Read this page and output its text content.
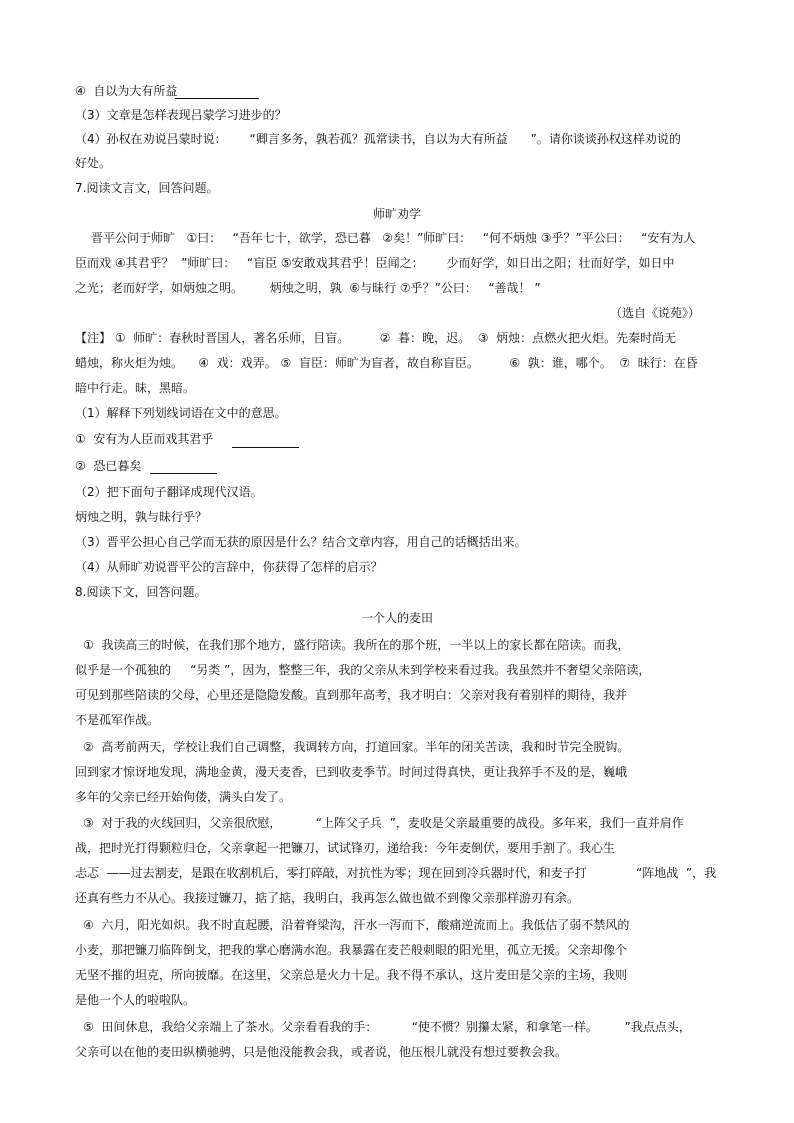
④  自以为大有所益
（3）文章是怎样表现吕蒙学习进步的？
（4）孙权在劝说吕蒙时说：      “卿言多务，孰若孤？孤常读书，自以为大有所益      ”。请你谈谈孙权这样劝说的
好处。
7.阅读文言文，回答问题。
师旷劝学
晋平公问于师旷   ①曰：   “吾年七十，欲学，恐已暮   ②矣！”师旷曰：   “何不炳烛 ③乎？”平公曰：   “安有为人
臣而戏 ④其君乎？  ”师旷曰：   “盲臣 ⑤安敢戏其君乎！臣闻之：      少而好学，如日出之阳；壮而好学，如日中
之光；老而好学，如炳烛之明。       炳烛之明，孰  ⑥与昧行 ⑦乎？”公曰：   “善哉！ ”
（选自《说苑》）
【注】 ①  师旷：春秋时晋国人，著名乐师，目盲。        ②  暮：晚，迟。  ③  炳烛：点燃火把火炬。先秦时尚无
蜡烛，称火炬为烛。    ④  戏：戏弄。 ⑤  盲臣：师旷为盲者，故自称盲臣。        ⑥  孰：谁，哪个。  ⑦  昧行：在昏
暗中行走。昧，黑暗。
（1）解释下列划线词语在文中的意思。
①  安有为人臣而戏其君乎
②  恐已暮矣
（2）把下面句子翻译成现代汉语。
炳烛之明，孰与昧行乎？
（3）晋平公担心自己学而无获的原因是什么？结合文章内容，用自己的话概括出来。
（4）从师旷劝说晋平公的言辞中，你获得了怎样的启示？
8.阅读下文，回答问题。
一个人的麦田
①  我读高三的时候，在我们那个地方，盛行陪读。我所在的那个班，一半以上的家长都在陪读。而我，
似乎是一个孤独的     “另类 ”，因为，整整三年，我的父亲从未到学校来看过我。我虽然并不奢望父亲陪读，
可见到那些陪读的父母，心里还是隐隐发酸。直到那年高考，我才明白：父亲对我有着别样的期待，我并
不是孤军作战。
②  高考前两天，学校让我们自己调整，我调转方向，打道回家。半年的闭关苦读，我和时节完全脱钩。
回到家才惊讶地发现，满地金黄，漫天麦香，已到收麦季节。时间过得真快，更让我猝手不及的是，巍峨
多年的父亲已经开始佝偻，满头白发了。
③  对于我的火线回归，父亲很欣慰，         “上阵父子兵  ”，麦收是父亲最重要的战役。多年来，我们一直并肩作
战，把时光打得颗粒归仓，父亲拿起一把镰刀，试试锋刃，递给我：今年麦倒伏，要用手割了。我心生
忐忑  ——过去割麦，是跟在收割机后，零打碎敲，对抗性为零；现在回到冷兵器时代，和麦子打	“阵地战  ”，我
还真有些力不从心。我接过镰刀，掂了掂，我明白，我再怎么做也做不到像父亲那样游刃有余。
④  六月，阳光如炽。我不时直起腰，沿着脊梁沟，汗水一泻而下，酸痛逆流而上。我低估了弱不禁风的
小麦，那把镰刀临阵倒戈，把我的掌心磨满水泡。我暴露在麦芒般刺眼的阳光里，孤立无援。父亲却像个
无坚不摧的坦克，所向披靡。在这里，父亲总是火力十足。我不得不承认，这片麦田是父亲的主场，我则
是他一个人的啦啦队。
⑤  田间休息，我给父亲端上了茶水。父亲看看我的手：         “使不惯？别攥太紧，和拿笔一样。       ”我点点头，
父亲可以在他的麦田纵横驰骋，只是他没能教会我，或者说，他压根儿就没有想过要教会我。
